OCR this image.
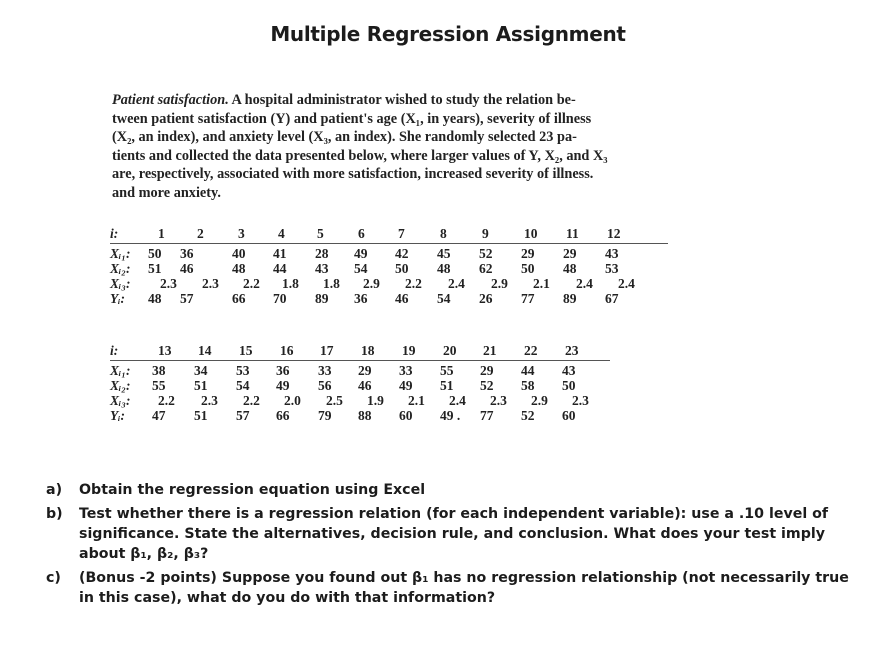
Multiple Regression Assignment
Patient satisfaction. A hospital administrator wished to study the relation be-
tween patient satisfaction (Y) and patient's age (X₁, in years), severity of illness
(X₂, an index), and anxiety level (X₃, an index). She randomly selected 23 pa-
tients and collected the data presented below, where larger values of Y, X₂, and X₃
are, respectively, associated with more satisfaction, increased severity of illness.
and more anxiety.
i:	1 2	3 4 5	6 7	8	9	10 11 12
Xᵢ₁: 50 36	40 41 28 49 42 45 52 29 29 43
Xᵢ₂: 51 46	48 44 43 54 50 48 62 50 48 53
Xᵢ₃: 2.3 2.3 2.2 1.8 1.8 2.9 2.2 2.4 2.9 2.1 2.4 2.4
Yᵢ: 48 57	66 70 89 36 46 54 26 77 89 67
i:	13 14 15 16 17 18 19 20 21 22 23
Xᵢ₁: 38 34 53 36 33 29 33 55 29 44 43
Xᵢ₂: 55 51 54 49 56 46 49 51 52 58 50
Xᵢ₃: 2.2 2.3 2.2 2.0 2.5 1.9 2.1 2.4 2.3 2.9 2.3
Yᵢ: 47 51 57 66 79 88 60 49 . 77 52 60
a) Obtain the regression equation using Excel
b) Test whether there is a regression relation (for each independent variable): use a .10 level of
significance. State the alternatives, decision rule, and conclusion. What does your test imply
about β₁, β₂, β₃?
c) (Bonus -2 points) Suppose you found out β₁ has no regression relationship (not necessarily true
in this case), what do you do with that information?
